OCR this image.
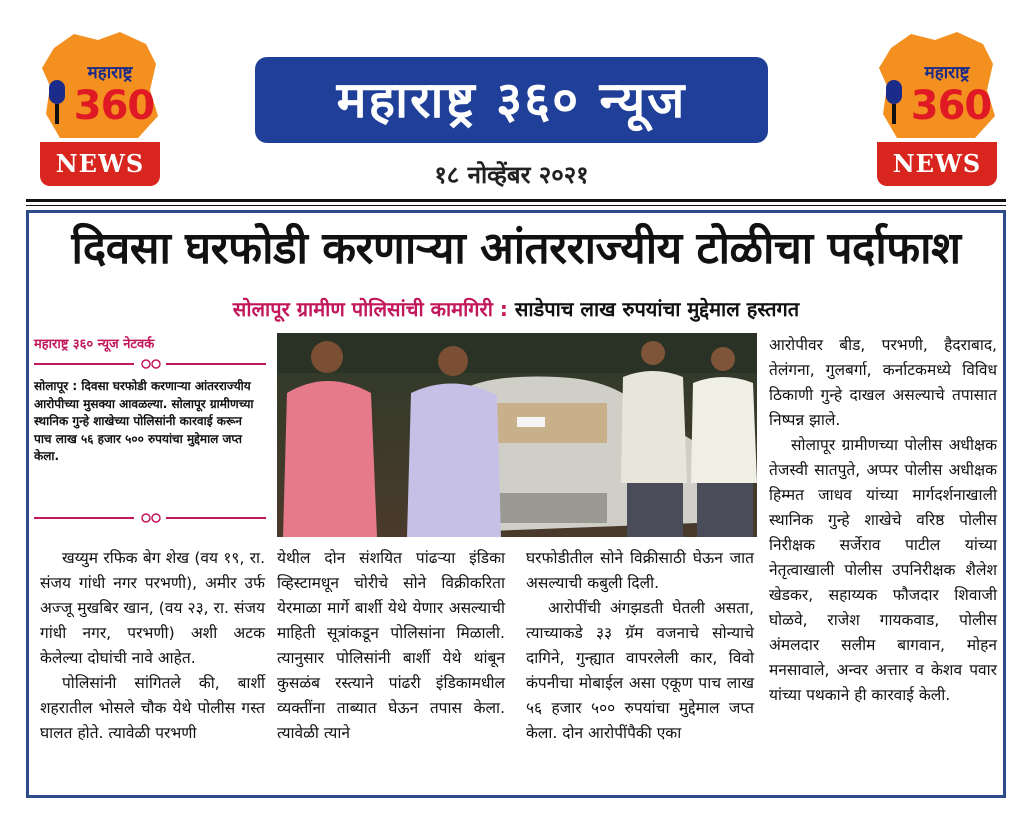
महाराष्ट्र
360
NEWS
महाराष्ट्र
360
NEWS
महाराष्ट्र ३६० न्यूज
१८ नोव्हेंबर २०२१
दिवसा घरफोडी करणाऱ्या आंतरराज्यीय टोळीचा पर्दाफाश
सोलापूर ग्रामीण पोलिसांची कामगिरी : साडेपाच लाख रुपयांचा मुद्देमाल हस्तगत
महाराष्ट्र ३६० न्यूज नेटवर्क
सोलापूर : दिवसा घरफोडी करणाऱ्या आंतरराज्यीय आरोपीच्या मुसक्या आवळल्या. सोलापूर ग्रामीणच्या स्थानिक गुन्हे शाखेच्या पोलिसांनी कारवाई करून पाच लाख ५६ हजार ५०० रुपयांचा मुद्देमाल जप्त केला.

खय्युम रफिक बेग शेख (वय १९, रा. संजय गांधी नगर परभणी), अमीर उर्फ अज्जू मुखबिर खान, (वय २३, रा. संजय गांधी नगर, परभणी) अशी अटक केलेल्या दोघांची नावे आहेत.

पोलिसांनी सांगितले की, बार्शी शहरातील भोसले चौक येथे पोलीस गस्त घालत होते. त्यावेळी परभणी

येथील दोन संशयित पांढऱ्या इंडिका व्हिस्टामधून चोरीचे सोने विक्रीकरिता येरमाळा मार्गे बार्शी येथे येणार असल्याची माहिती सूत्रांकडून पोलिसांना मिळाली. त्यानुसार पोलिसांनी बार्शी येथे थांबून कुसळंब रस्त्याने पांढरी इंडिकामधील व्यक्तींना ताब्यात घेऊन तपास केला. त्यावेळी त्याने

घरफोडीतील सोने विक्रीसाठी घेऊन जात असल्याची कबुली दिली.

आरोपींची अंगझडती घेतली असता, त्याच्याकडे ३३ ग्रॅम वजनाचे सोन्याचे दागिने, गुन्ह्यात वापरलेली कार, विवो कंपनीचा मोबाईल असा एकूण पाच लाख ५६ हजार ५०० रुपयांचा मुद्देमाल जप्त केला. दोन आरोपींपैकी एका

आरोपीवर बीड, परभणी, हैदराबाद, तेलंगना, गुलबर्गा, कर्नाटकमध्ये विविध ठिकाणी गुन्हे दाखल असल्याचे तपासात निष्पन्न झाले.

सोलापूर ग्रामीणच्या पोलीस अधीक्षक तेजस्वी सातपुते, अप्पर पोलीस अधीक्षक हिम्मत जाधव यांच्या मार्गदर्शनाखाली स्थानिक गुन्हे शाखेचे वरिष्ठ पोलीस निरीक्षक सर्जेराव पाटील यांच्या नेतृत्वाखाली पोलीस उपनिरीक्षक शैलेश खेडकर, सहाय्यक फौजदार शिवाजी घोळवे, राजेश गायकवाड, पोलीस अंमलदार सलीम बागवान, मोहन मनसावाले, अन्वर अत्तार व केशव पवार यांच्या पथकाने ही कारवाई केली.
